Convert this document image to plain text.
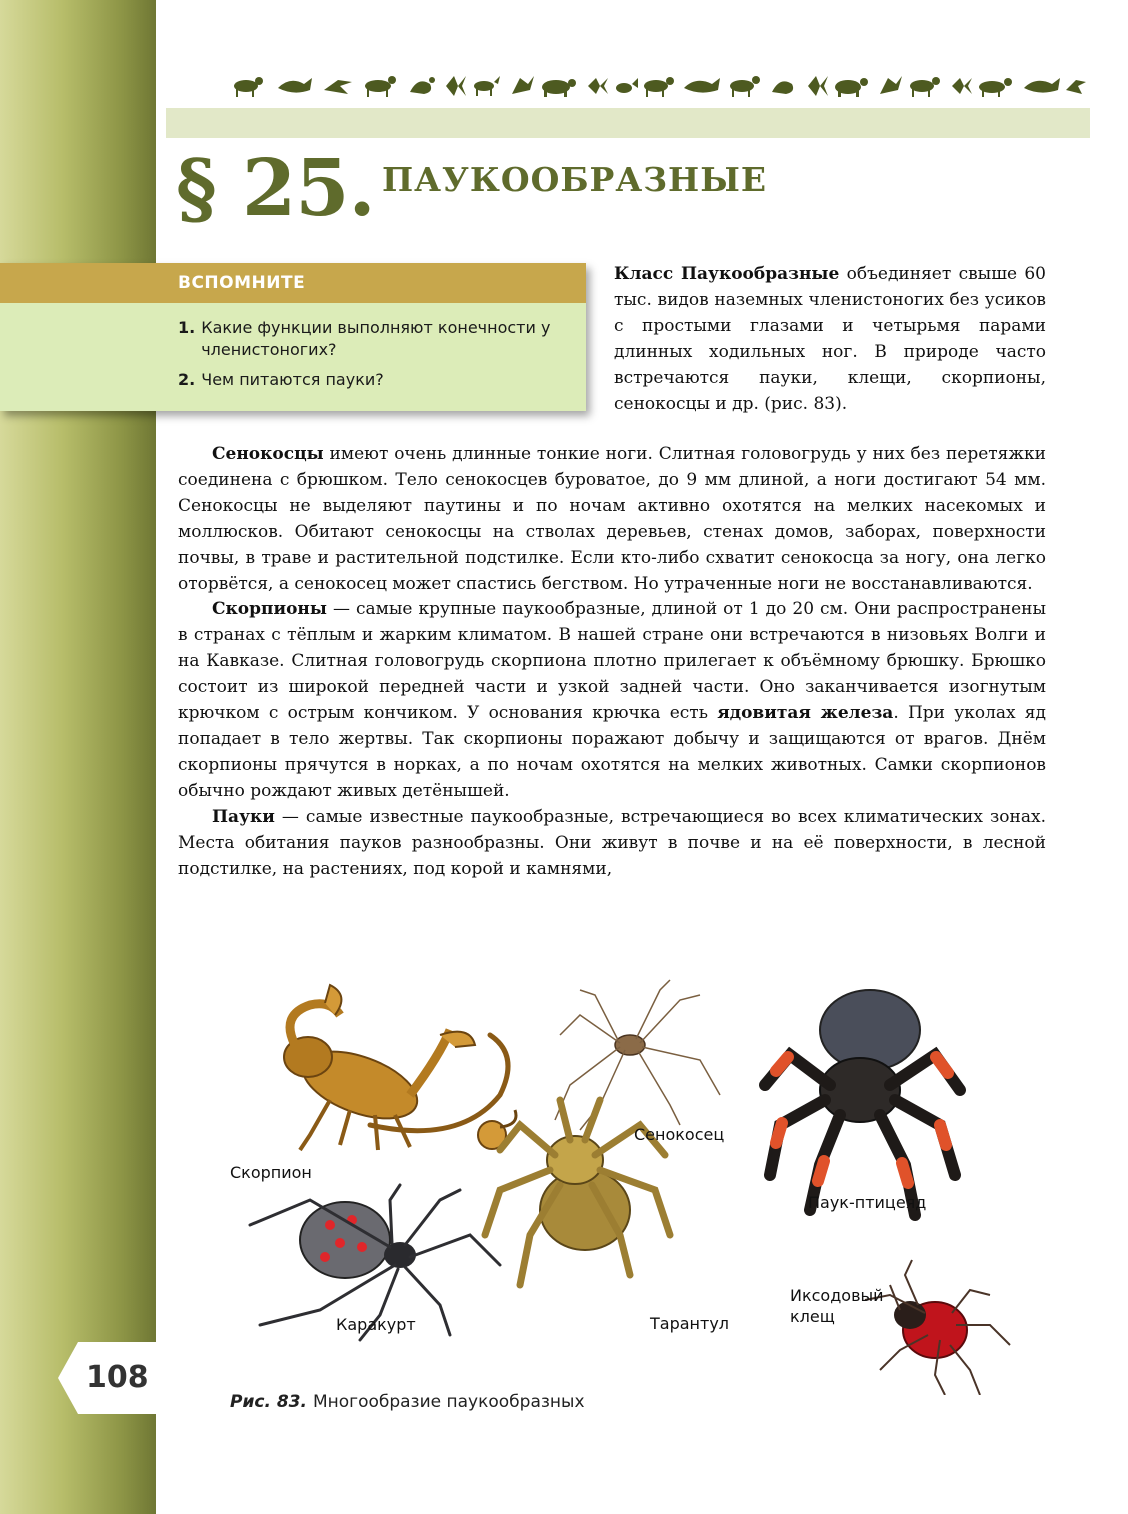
§ 25. ПАУКООБРАЗНЫЕ
ВСПОМНИТЕ
1. Какие функции выполняют конечности у членистоногих?
2. Чем питаются пауки?

Класс Паукообразные объединяет свыше 60 тыс. видов наземных членистоногих без усиков с простыми глазами и четырьмя парами длинных ходильных ног. В природе часто встречаются пауки, клещи, скорпионы, сенокосцы и др. (рис. 83).

Сенокосцы имеют очень длинные тонкие ноги. Слитная головогрудь у них без перетяжки соединена с брюшком. Тело сенокосцев буроватое, до 9 мм длиной, а ноги достигают 54 мм. Сенокосцы не выделяют паутины и по ночам активно охотятся на мелких насекомых и моллюсков. Обитают сенокосцы на стволах деревьев, стенах домов, заборах, поверхности почвы, в траве и растительной подстилке. Если кто-либо схватит сенокосца за ногу, она легко оторвётся, а сенокосец может спастись бегством. Но утраченные ноги не восстанавливаются.

Скорпионы — самые крупные паукообразные, длиной от 1 до 20 см. Они распространены в странах с тёплым и жарким климатом. В нашей стране они встречаются в низовьях Волги и на Кавказе. Слитная головогрудь скорпиона плотно прилегает к объёмному брюшку. Брюшко состоит из широкой передней части и узкой задней части. Оно заканчивается изогнутым крючком с острым кончиком. У основания крючка есть ядовитая железа. При уколах яд попадает в тело жертвы. Так скорпионы поражают добычу и защищаются от врагов. Днём скорпионы прячутся в норках, а по ночам охотятся на мелких животных. Самки скорпионов обычно рождают живых детёнышей.

Пауки — самые известные паукообразные, встречающиеся во всех климатических зонах. Места обитания пауков разнообразны. Они живут в почве и на её поверхности, в лесной подстилке, на растениях, под корой и камнями,

Скорпион
Сенокосец
Паук-птицеяд
Каракурт	Тарантул
Иксодовый
клещ
108
Рис. 83. Многообразие паукообразных
